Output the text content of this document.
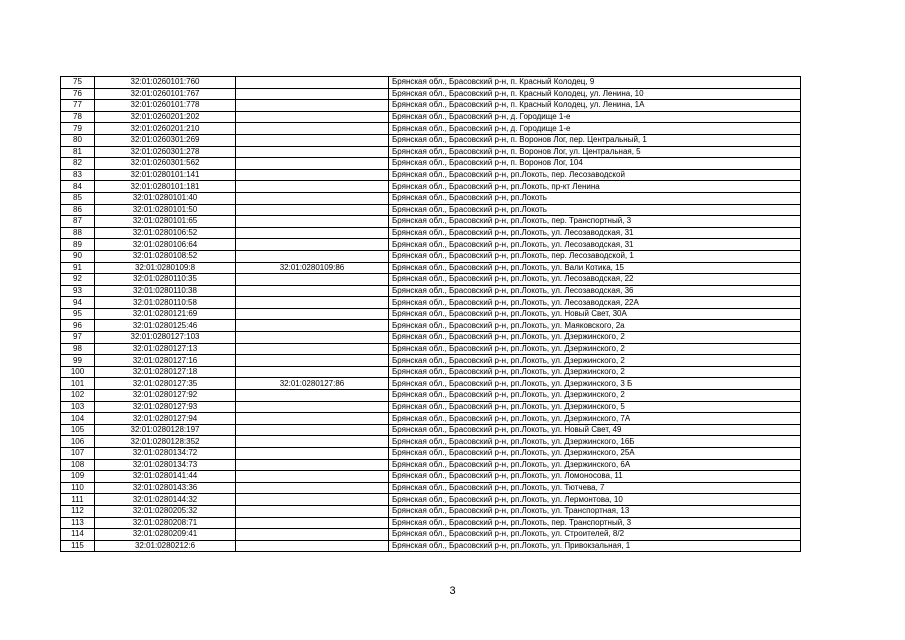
75	32:01:0260101:760		Брянская обл., Брасовский р-н, п. Красный Колодец, 9
76	32:01:0260101:767		Брянская обл., Брасовский р-н, п. Красный Колодец, ул. Ленина, 10
77	32:01:0260101:778		Брянская обл., Брасовский р-н, п. Красный Колодец, ул. Ленина, 1А
78	32:01:0260201:202		Брянская обл., Брасовский р-н, д. Городище 1-е
79	32:01:0260201:210		Брянская обл., Брасовский р-н, д. Городище 1-е
80	32:01:0260301:269		Брянская обл., Брасовский р-н, п. Воронов Лог, пер. Центральный, 1
81	32:01:0260301:278		Брянская обл., Брасовский р-н, п. Воронов Лог, ул. Центральная, 5
82	32:01:0260301:562		Брянская обл., Брасовский р-н, п. Воронов Лог, 104
83	32:01:0280101:141		Брянская обл., Брасовский р-н, рп.Локоть, пер. Лесозаводской
84	32:01:0280101:181		Брянская обл., Брасовский р-н, рп.Локоть, пр-кт Ленина
85	32:01:0280101:40		Брянская обл., Брасовский р-н, рп.Локоть
86	32:01:0280101:50		Брянская обл., Брасовский р-н, рп.Локоть
87	32:01:0280101:65		Брянская обл., Брасовский р-н, рп.Локоть, пер. Транспортный, 3
88	32:01:0280106:52		Брянская обл., Брасовский р-н, рп.Локоть, ул. Лесозаводская, 31
89	32:01:0280106:64		Брянская обл., Брасовский р-н, рп.Локоть, ул. Лесозаводская, 31
90	32:01:0280108:52		Брянская обл., Брасовский р-н, рп.Локоть, пер. Лесозаводской, 1
91	32:01:0280109:8	32:01:0280109:86	Брянская обл., Брасовский р-н, рп.Локоть, ул. Вали Котика, 15
92	32:01:0280110:35		Брянская обл., Брасовский р-н, рп.Локоть, ул. Лесозаводская, 22
93	32:01:0280110:38		Брянская обл., Брасовский р-н, рп.Локоть, ул. Лесозаводская, 36
94	32:01:0280110:58		Брянская обл., Брасовский р-н, рп.Локоть, ул. Лесозаводская, 22А
95	32:01:0280121:69		Брянская обл., Брасовский р-н, рп.Локоть, ул. Новый Свет, 30А
96	32:01:0280125:46		Брянская обл., Брасовский р-н, рп.Локоть, ул. Маяковского, 2а
97	32:01:0280127:103		Брянская обл., Брасовский р-н, рп.Локоть, ул. Дзержинского, 2
98	32:01:0280127:13		Брянская обл., Брасовский р-н, рп.Локоть, ул. Дзержинского, 2
99	32:01:0280127:16		Брянская обл., Брасовский р-н, рп.Локоть, ул. Дзержинского, 2
100	32:01:0280127:18		Брянская обл., Брасовский р-н, рп.Локоть, ул. Дзержинского, 2
101	32:01:0280127:35	32:01:0280127:86	Брянская обл., Брасовский р-н, рп.Локоть, ул. Дзержинского, 3 Б
102	32:01:0280127:92		Брянская обл., Брасовский р-н, рп.Локоть, ул. Дзержинского, 2
103	32:01:0280127:93		Брянская обл., Брасовский р-н, рп.Локоть, ул. Дзержинского, 5
104	32:01:0280127:94		Брянская обл., Брасовский р-н, рп.Локоть, ул. Дзержинского, 7А
105	32:01:0280128:197		Брянская обл., Брасовский р-н, рп.Локоть, ул. Новый Свет, 49
106	32:01:0280128:352		Брянская обл., Брасовский р-н, рп.Локоть, ул. Дзержинского, 16Б
107	32:01:0280134:72		Брянская обл., Брасовский р-н, рп.Локоть, ул. Дзержинского, 25А
108	32:01:0280134:73		Брянская обл., Брасовский р-н, рп.Локоть, ул. Дзержинского, 6А
109	32:01:0280141:44		Брянская обл., Брасовский р-н, рп.Локоть, ул. Ломоносова, 11
110	32:01:0280143:36		Брянская обл., Брасовский р-н, рп.Локоть, ул. Тютчева, 7
111	32:01:0280144:32		Брянская обл., Брасовский р-н, рп.Локоть, ул. Лермонтова, 10
112	32:01:0280205:32		Брянская обл., Брасовский р-н, рп.Локоть, ул. Транспортная, 13
113	32:01:0280208:71		Брянская обл., Брасовский р-н, рп.Локоть, пер. Транспортный, 3
114	32:01:0280209:41		Брянская обл., Брасовский р-н, рп.Локоть, ул. Строителей, 8/2
115	32:01:0280212:6		Брянская обл., Брасовский р-н, рп.Локоть, ул. Привокзальная, 1
3
